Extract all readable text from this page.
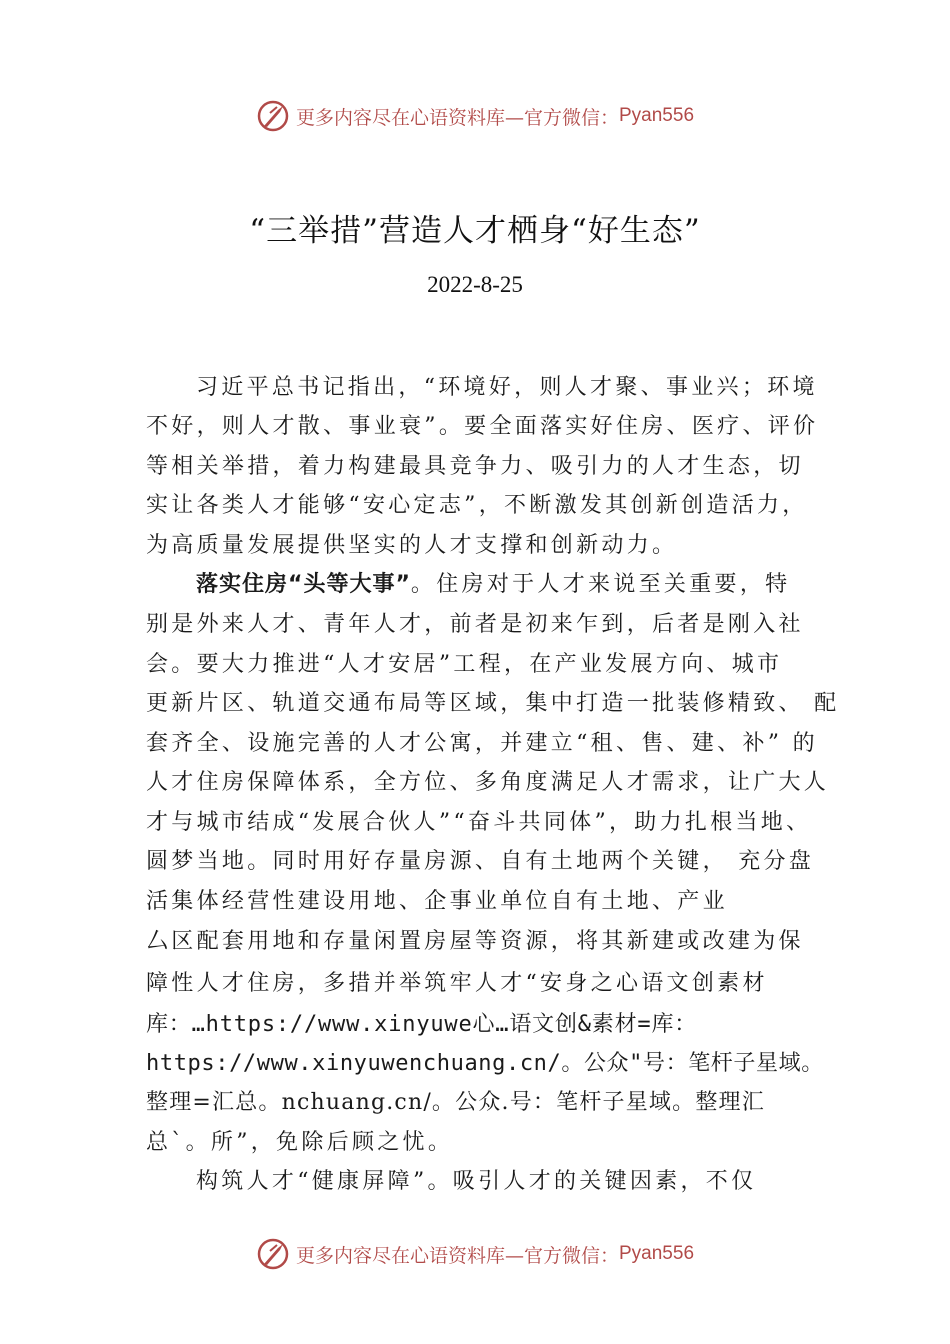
更多内容尽在心语资料库—官方微信： Pyan556
“三举措”营造人才栖身“好生态”
2022-8-25
习近平总书记指出，“环境好，则人才聚、事业兴；环境
不好，则人才散、事业衰”。要全面落实好住房、医疗、评价
等相关举措，着力构建最具竞争力、吸引力的人才生态，切
实让各类人才能够“安心定志”，不断激发其创新创造活力，
为高质量发展提供坚实的人才支撑和创新动力。
落实住房“头等大事”。住房对于人才来说至关重要，特
别是外来人才、青年人才，前者是初来乍到，后者是刚入社
会。要大力推进“人才安居”工程，在产业发展方向、城市
更新片区、轨道交通布局等区域，集中打造一批装修精致、 配
套齐全、设施完善的人才公寓，并建立“租、售、建、补” 的
人才住房保障体系，全方位、多角度满足人才需求，让广大人
才与城市结成“发展合伙人”“奋斗共同体”，助力扎根当地、
圆梦当地。同时用好存量房源、自有土地两个关键， 充分盘
活集体经营性建设用地、企事业单位自有土地、产业
厶区配套用地和存量闲置房屋等资源，将其新建或改建为保
障性人才住房，多措并举筑牢人才“安身之心语文创素材
库：…https://www.xinyuwe心…语文创&素材=库：
https://www.xinyuwenchuang.cn/。公众"号：笔杆子星域。
整理=汇总。nchuang.cn/。公众.号：笔杆子星域。整理汇
总`。所”，免除后顾之忧。
构筑人才“健康屏障”。吸引人才的关键因素，不仅
更多内容尽在心语资料库—官方微信： Pyan556
